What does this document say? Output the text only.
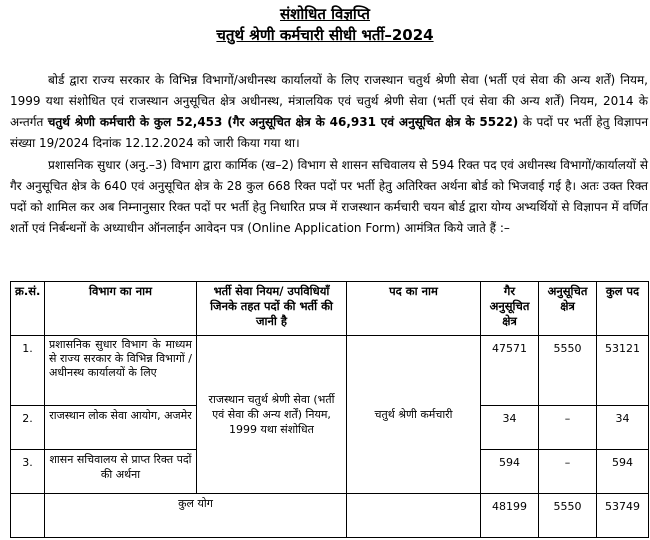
संशोधित विज्ञप्ति
चतुर्थ श्रेणी कर्मचारी सीधी भर्ती–2024
बोर्ड द्वारा राज्य सरकार के विभिन्न विभागों/अधीनस्थ कार्यालयों के लिए राजस्थान चतुर्थ श्रेणी सेवा (भर्ती एवं सेवा की अन्य शर्तें) नियम, 1999 यथा संशोधित एवं राजस्थान अनुसूचित क्षेत्र अधीनस्थ, मंत्रालयिक एवं चतुर्थ श्रेणी सेवा (भर्ती एवं सेवा की अन्य शर्तें) नियम, 2014 के अन्तर्गत चतुर्थ श्रेणी कर्मचारी के कुल 52,453 (गैर अनुसूचित क्षेत्र के 46,931 एवं अनुसूचित क्षेत्र के 5522) के पदों पर भर्ती हेतु विज्ञापन संख्या 19/2024 दिनांक 12.12.2024 को जारी किया गया था।
प्रशासनिक सुधार (अनु.–3) विभाग द्वारा कार्मिक (ख–2) विभाग से शासन सचिवालय से 594 रिक्त पद एवं अधीनस्थ विभागों/कार्यालयों से गैर अनुसूचित क्षेत्र के 640 एवं अनुसूचित क्षेत्र के 28 कुल 668 रिक्त पदों पर भर्ती हेतु अतिरिक्त अर्थना बोर्ड को भिजवाई गई है। अतः उक्त रिक्त पदों को शामिल कर अब निम्नानुसार रिक्त पदों पर भर्ती हेतु निधारित प्रप्त्र में राजस्थान कर्मचारी चयन बोर्ड द्वारा योग्य अभ्यर्थियों से विज्ञापन में वर्णित शर्तो एवं निर्बन्धनों के अध्याधीन ऑनलाईन आवेदन पत्र (Online Application Form) आमंत्रित किये जाते हैं :–
क्र.सं.	विभाग का नाम	भर्ती सेवा नियम/ उपविधियाँ जिनके तहत पदों की भर्ती की जानी है	पद का नाम	गैर अनुसूचित क्षेत्र	अनुसूचित क्षेत्र	कुल पद
1.	प्रशासनिक सुधार विभाग के माध्यम से राज्य सरकार के विभिन्न विभागों /अधीनस्थ कार्यालयों के लिए	राजस्थान चतुर्थ श्रेणी सेवा (भर्ती एवं सेवा की अन्य शर्तें) नियम, 1999 यथा संशोधित	चतुर्थ श्रेणी कर्मचारी	47571	5550	53121
2.	राजस्थान लोक सेवा आयोग, अजमेर			34	–	34
3.	शासन सचिवालय से प्राप्त रिक्त पदों की अर्थना			594	–	594
	कुल योग			48199	5550	53749
